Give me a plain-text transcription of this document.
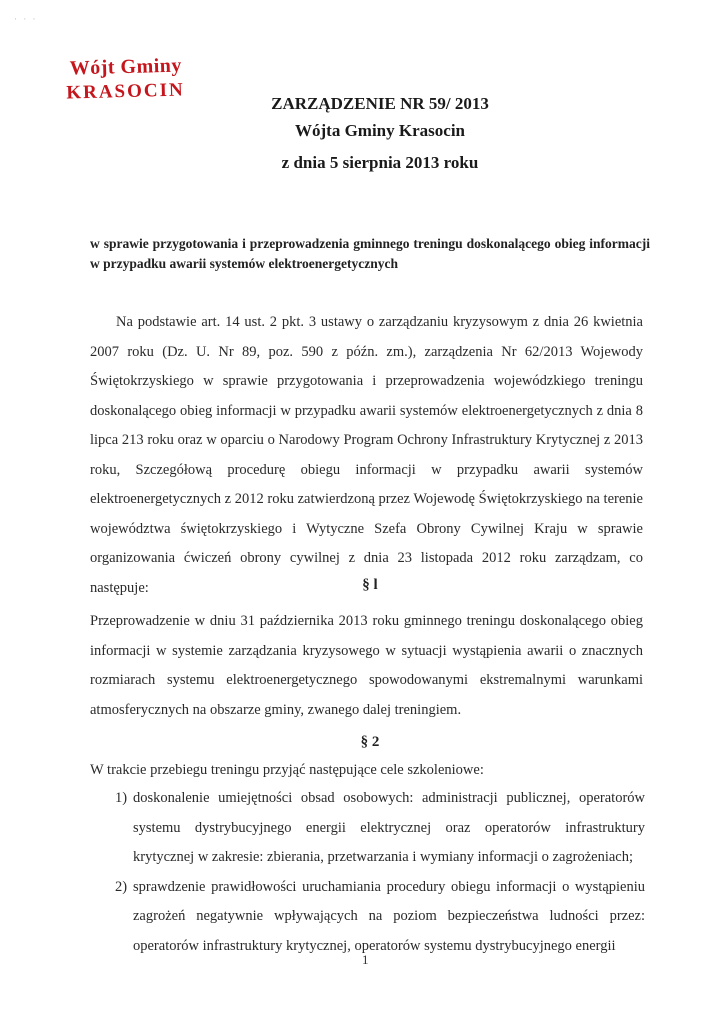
· · ·
Wójt Gminy
KRASOCIN	ZARZĄDZENIE NR 59/ 2013
Wójta Gminy Krasocin
z dnia 5 sierpnia 2013 roku
w sprawie przygotowania i przeprowadzenia gminnego treningu doskonalącego obieg informacji w przypadku awarii systemów elektroenergetycznych
Na podstawie art. 14 ust. 2 pkt. 3 ustawy o zarządzaniu kryzysowym z dnia 26 kwietnia 2007 roku (Dz. U. Nr 89, poz. 590 z późn. zm.), zarządzenia Nr 62/2013 Wojewody Świętokrzyskiego w sprawie przygotowania i przeprowadzenia wojewódzkiego treningu doskonalącego obieg informacji w przypadku awarii systemów elektroenergetycznych z dnia 8 lipca 213 roku oraz w oparciu o Narodowy Program Ochrony Infrastruktury Krytycznej z 2013 roku, Szczegółową procedurę obiegu informacji w przypadku awarii systemów elektroenergetycznych z 2012 roku zatwierdzoną przez Wojewodę Świętokrzyskiego na terenie województwa świętokrzyskiego i Wytyczne Szefa Obrony Cywilnej Kraju w sprawie organizowania ćwiczeń obrony cywilnej z dnia 23 listopada 2012 roku zarządzam, co następuje:	§ l
Przeprowadzenie w dniu 31 października 2013 roku gminnego treningu doskonalącego obieg informacji w systemie zarządzania kryzysowego w sytuacji wystąpienia awarii o znacznych rozmiarach systemu elektroenergetycznego spowodowanymi ekstremalnymi warunkami atmosferycznych na obszarze gminy, zwanego dalej treningiem.
§ 2
W trakcie przebiegu treningu przyjąć następujące cele szkoleniowe:
1) doskonalenie umiejętności obsad osobowych: administracji publicznej, operatorów systemu dystrybucyjnego energii elektrycznej oraz operatorów infrastruktury krytycznej w zakresie: zbierania, przetwarzania i wymiany informacji o zagrożeniach;
2) sprawdzenie prawidłowości uruchamiania procedury obiegu informacji o wystąpieniu zagrożeń negatywnie wpływających na poziom bezpieczeństwa ludności przez: operatorów infrastruktury krytycznej, operatorów systemu dystrybucyjnego energii
1
